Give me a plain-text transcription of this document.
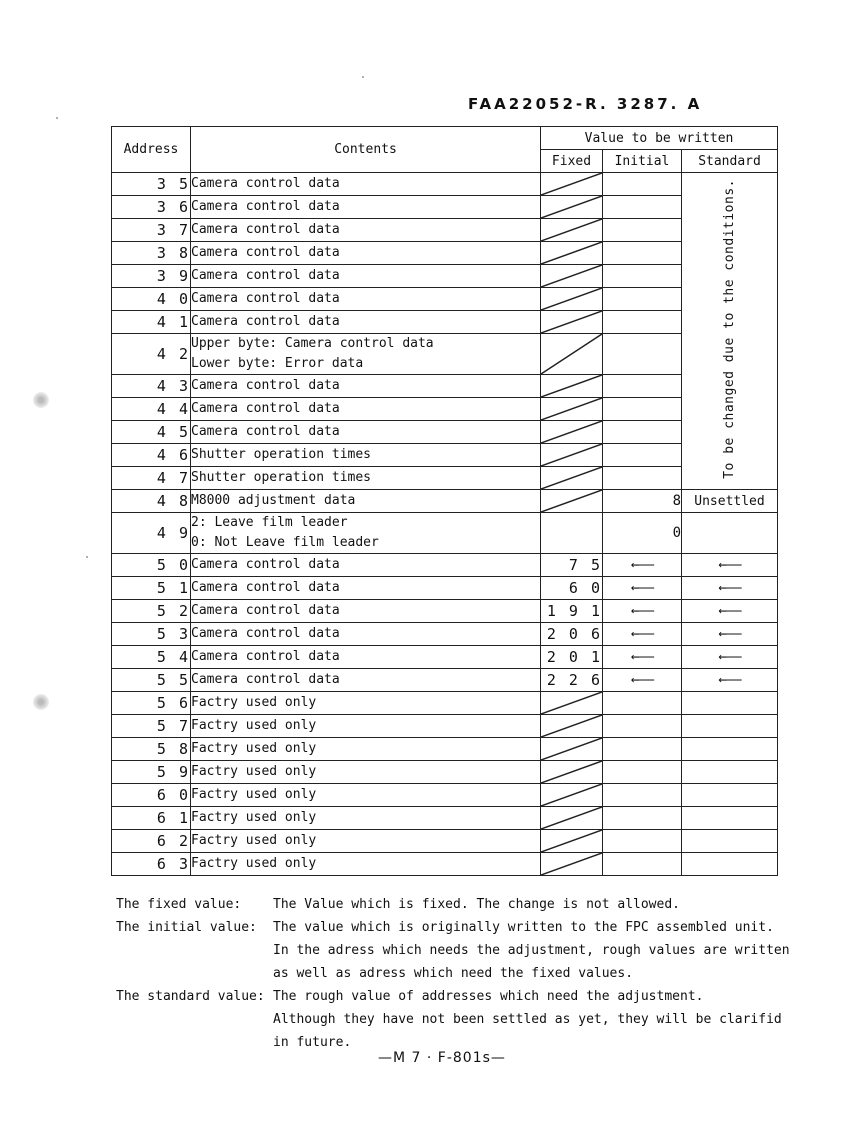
FAA22052-R. 3287. A
Address	Contents	Value to be written		
		Fixed	Initial	Standard
3 5	Camera control data			To be changed due to the conditions.
3 6	Camera control data

3 7	Camera control data

3 8	Camera control data

3 9	Camera control data

4 0	Camera control data

4 1	Camera control data

4 2	Upper byte: Camera control data
Lower byte: Error data

4 3	Camera control data

4 4	Camera control data

4 5	Camera control data

4 6	Shutter operation times

4 7	Shutter operation times

4 8	M8000 adjustment data		8	Unsettled
4 9	2: Leave film leader
0: Not Leave film leader		0	
5 0	Camera control data	7 5	←——	←——
5 1	Camera control data	6 0	←——	←——
5 2	Camera control data	1 9 1	←——	←——
5 3	Camera control data	2 0 6	←——	←——
5 4	Camera control data	2 0 1	←——	←——
5 5	Camera control data	2 2 6	←——	←——
5 6	Factry used only

5 7	Factry used only

5 8	Factry used only

5 9	Factry used only

6 0	Factry used only

6 1	Factry used only

6 2	Factry used only

6 3	Factry used only

The fixed value:	The Value which is fixed. The change is not allowed.
The initial value:	The value which is originally written to the FPC assembled unit.
In the adress which needs the adjustment, rough values are written
as well as adress which need the fixed values.
The standard value: The rough value of addresses which need the adjustment.
Although they have not been settled as yet, they will be clarifid
in future.
—M 7 · F-801s—
